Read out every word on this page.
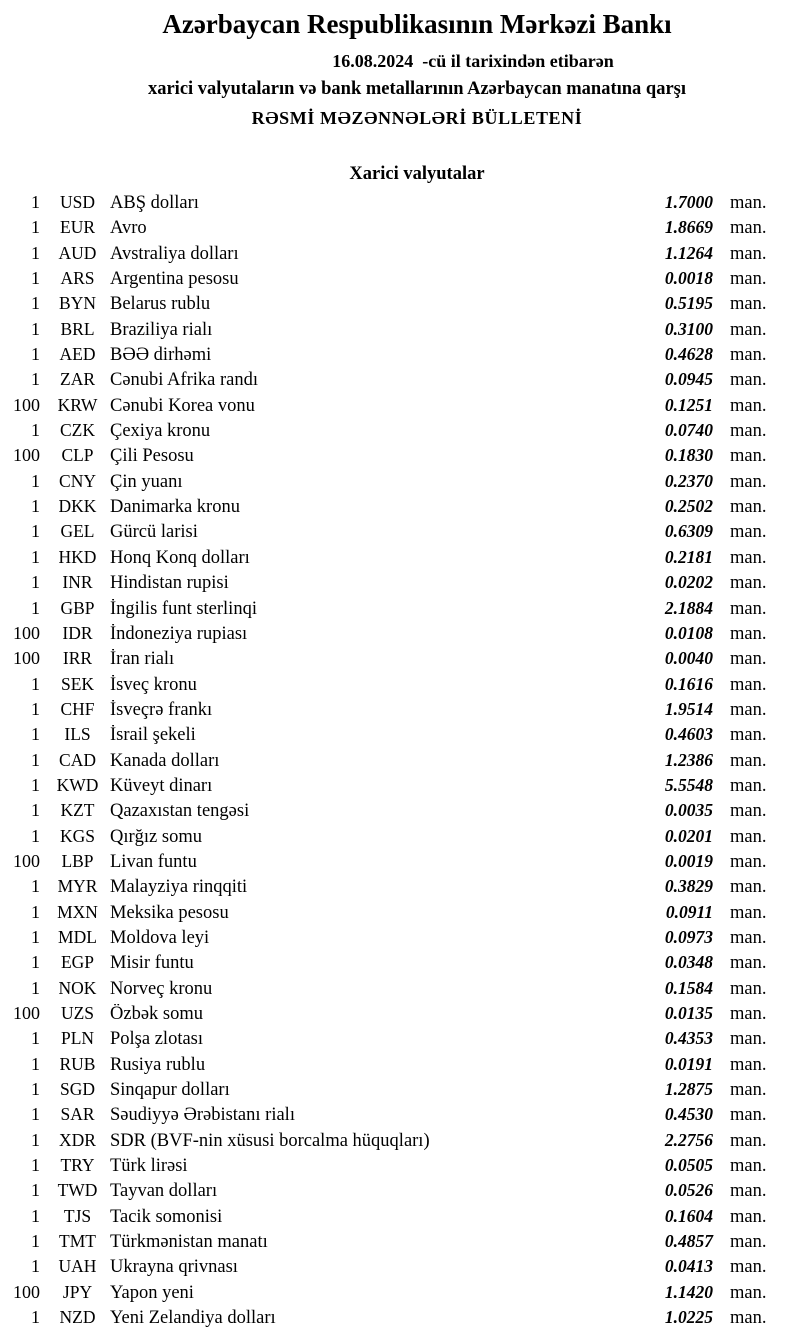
Azərbaycan Respublikasının Mərkəzi Bankı
16.08.2024  -cü il tarixindən etibarən
xarici valyutaların və bank metallarının Azərbaycan manatına qarşı
RƏSMİ MƏZƏNNƏLƏRİ BÜLLETENİ
Xarici valyutalar
1	USD ABŞ dolları	1.7000 man.
1	EUR Avro	1.8669 man.
1	AUD Avstraliya dolları	1.1264 man.
1	ARS Argentina pesosu	0.0018 man.
1	BYN Belarus rublu	0.5195 man.
1	BRL Braziliya rialı	0.3100 man.
1	AED BƏƏ dirhəmi	0.4628 man.
1	ZAR Cənubi Afrika randı	0.0945 man.
100	KRW Cənubi Korea vonu	0.1251 man.
1	CZK Çexiya kronu	0.0740 man.
100	CLP Çili Pesosu	0.1830 man.
1	CNY Çin yuanı	0.2370 man.
1	DKK Danimarka kronu	0.2502 man.
1	GEL Gürcü larisi	0.6309 man.
1	HKD Honq Konq dolları	0.2181 man.
1	INR Hindistan rupisi	0.0202 man.
1	GBP İngilis funt sterlinqi	2.1884 man.
100	IDR İndoneziya rupiası	0.0108 man.
100	IRR İran rialı	0.0040 man.
1	SEK İsveç kronu	0.1616 man.
1	CHF İsveçrə frankı	1.9514 man.
1	ILS	İsrail şekeli	0.4603 man.
1	CAD Kanada dolları	1.2386 man.
1 KWD Küveyt dinarı	5.5548 man.
1	KZT Qazaxıstan tengəsi	0.0035 man.
1	KGS Qırğız somu	0.0201 man.
100	LBP Livan funtu	0.0019 man.
1	MYR Malayziya rinqqiti	0.3829 man.
1 MXN Meksika pesosu	0.0911 man.
1	MDL Moldova leyi	0.0973 man.
1	EGP Misir funtu	0.0348 man.
1	NOK Norveç kronu	0.1584 man.
100	UZS Özbək somu	0.0135 man.
1	PLN Polşa zlotası	0.4353 man.
1	RUB Rusiya rublu	0.0191 man.
1	SGD Sinqapur dolları	1.2875 man.
1	SAR Səudiyyə Ərəbistanı rialı	0.4530 man.
1	XDR SDR (BVF-nin xüsusi borcalma hüquqları)	2.2756 man.
1	TRY Türk lirəsi	0.0505 man.
1	TWD Tayvan dolları	0.0526 man.
1	TJS	Tacik somonisi	0.1604 man.
1	TMT Türkmənistan manatı	0.4857 man.
1	UAH Ukrayna qrivnası	0.0413 man.
100	JPY Yapon yeni	1.1420 man.
1	NZD Yeni Zelandiya dolları	1.0225 man.
